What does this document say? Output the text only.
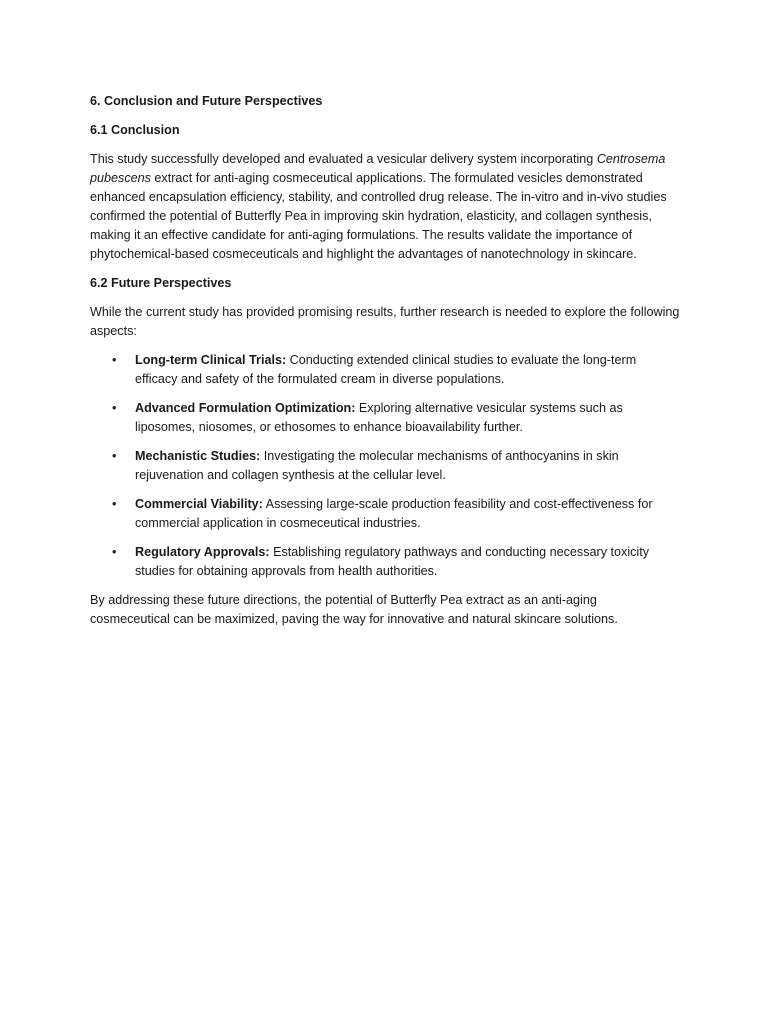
6. Conclusion and Future Perspectives

6.1 Conclusion

This study successfully developed and evaluated a vesicular delivery system incorporating Centrosema pubescens extract for anti-aging cosmeceutical applications. The formulated vesicles demonstrated enhanced encapsulation efficiency, stability, and controlled drug release. The in-vitro and in-vivo studies confirmed the potential of Butterfly Pea in improving skin hydration, elasticity, and collagen synthesis, making it an effective candidate for anti-aging formulations. The results validate the importance of phytochemical-based cosmeceuticals and highlight the advantages of nanotechnology in skincare.

6.2 Future Perspectives

While the current study has provided promising results, further research is needed to explore the following aspects:

• Long-term Clinical Trials: Conducting extended clinical studies to evaluate the long-term efficacy and safety of the formulated cream in diverse populations.
• Advanced Formulation Optimization: Exploring alternative vesicular systems such as liposomes, niosomes, or ethosomes to enhance bioavailability further.
• Mechanistic Studies: Investigating the molecular mechanisms of anthocyanins in skin rejuvenation and collagen synthesis at the cellular level.
• Commercial Viability: Assessing large-scale production feasibility and cost-effectiveness for commercial application in cosmeceutical industries.
• Regulatory Approvals: Establishing regulatory pathways and conducting necessary toxicity studies for obtaining approvals from health authorities.

By addressing these future directions, the potential of Butterfly Pea extract as an anti-aging cosmeceutical can be maximized, paving the way for innovative and natural skincare solutions.
